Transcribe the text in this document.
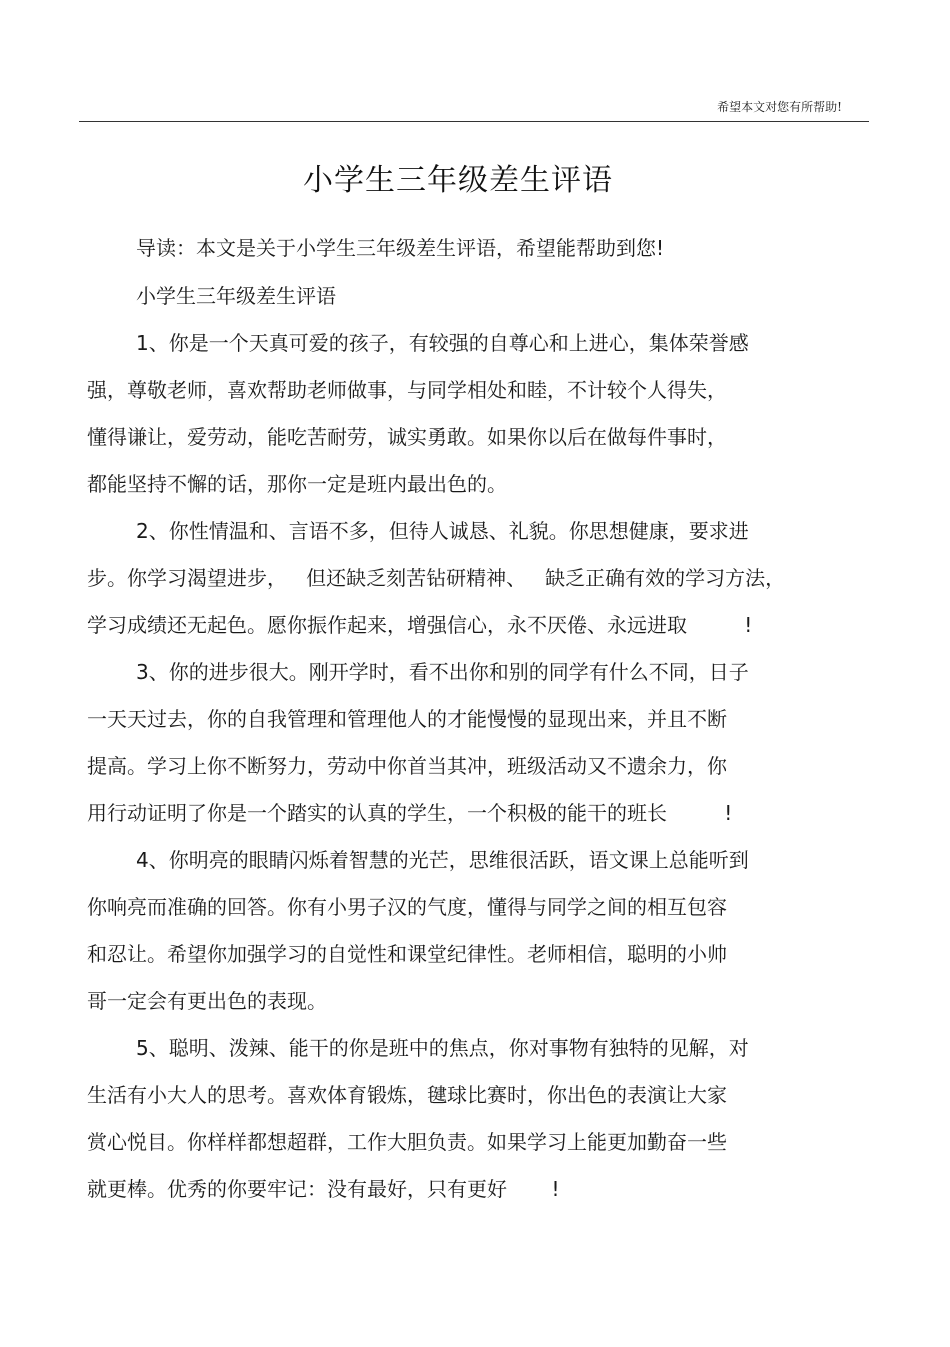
希望本文对您有所帮助!
小学生三年级差生评语
导读：本文是关于小学生三年级差生评语，希望能帮助到您!
小学生三年级差生评语
1、你是一个天真可爱的孩子，有较强的自尊心和上进心，集体荣誉感
强，尊敬老师，喜欢帮助老师做事，与同学相处和睦，不计较个人得失，
懂得谦让，爱劳动，能吃苦耐劳，诚实勇敢。如果你以后在做每件事时，
都能坚持不懈的话，那你一定是班内最出色的。
2、你性情温和、言语不多，但待人诚恳、礼貌。你思想健康，要求进
步。你学习渴望进步，   但还缺乏刻苦钻研精神、   缺乏正确有效的学习方法，
学习成绩还无起色。愿你振作起来，增强信心，永不厌倦、永远进取         !
3、你的进步很大。刚开学时，看不出你和别的同学有什么不同，日子
一天天过去，你的自我管理和管理他人的才能慢慢的显现出来，并且不断
提高。学习上你不断努力，劳动中你首当其冲，班级活动又不遗余力，你
用行动证明了你是一个踏实的认真的学生，一个积极的能干的班长         !
4、你明亮的眼睛闪烁着智慧的光芒，思维很活跃，语文课上总能听到
你响亮而准确的回答。你有小男子汉的气度，懂得与同学之间的相互包容
和忍让。希望你加强学习的自觉性和课堂纪律性。老师相信，聪明的小帅
哥一定会有更出色的表现。
5、聪明、泼辣、能干的你是班中的焦点，你对事物有独特的见解，对
生活有小大人的思考。喜欢体育锻炼，毽球比赛时，你出色的表演让大家
赏心悦目。你样样都想超群，工作大胆负责。如果学习上能更加勤奋一些
就更棒。优秀的你要牢记：没有最好，只有更好       !
